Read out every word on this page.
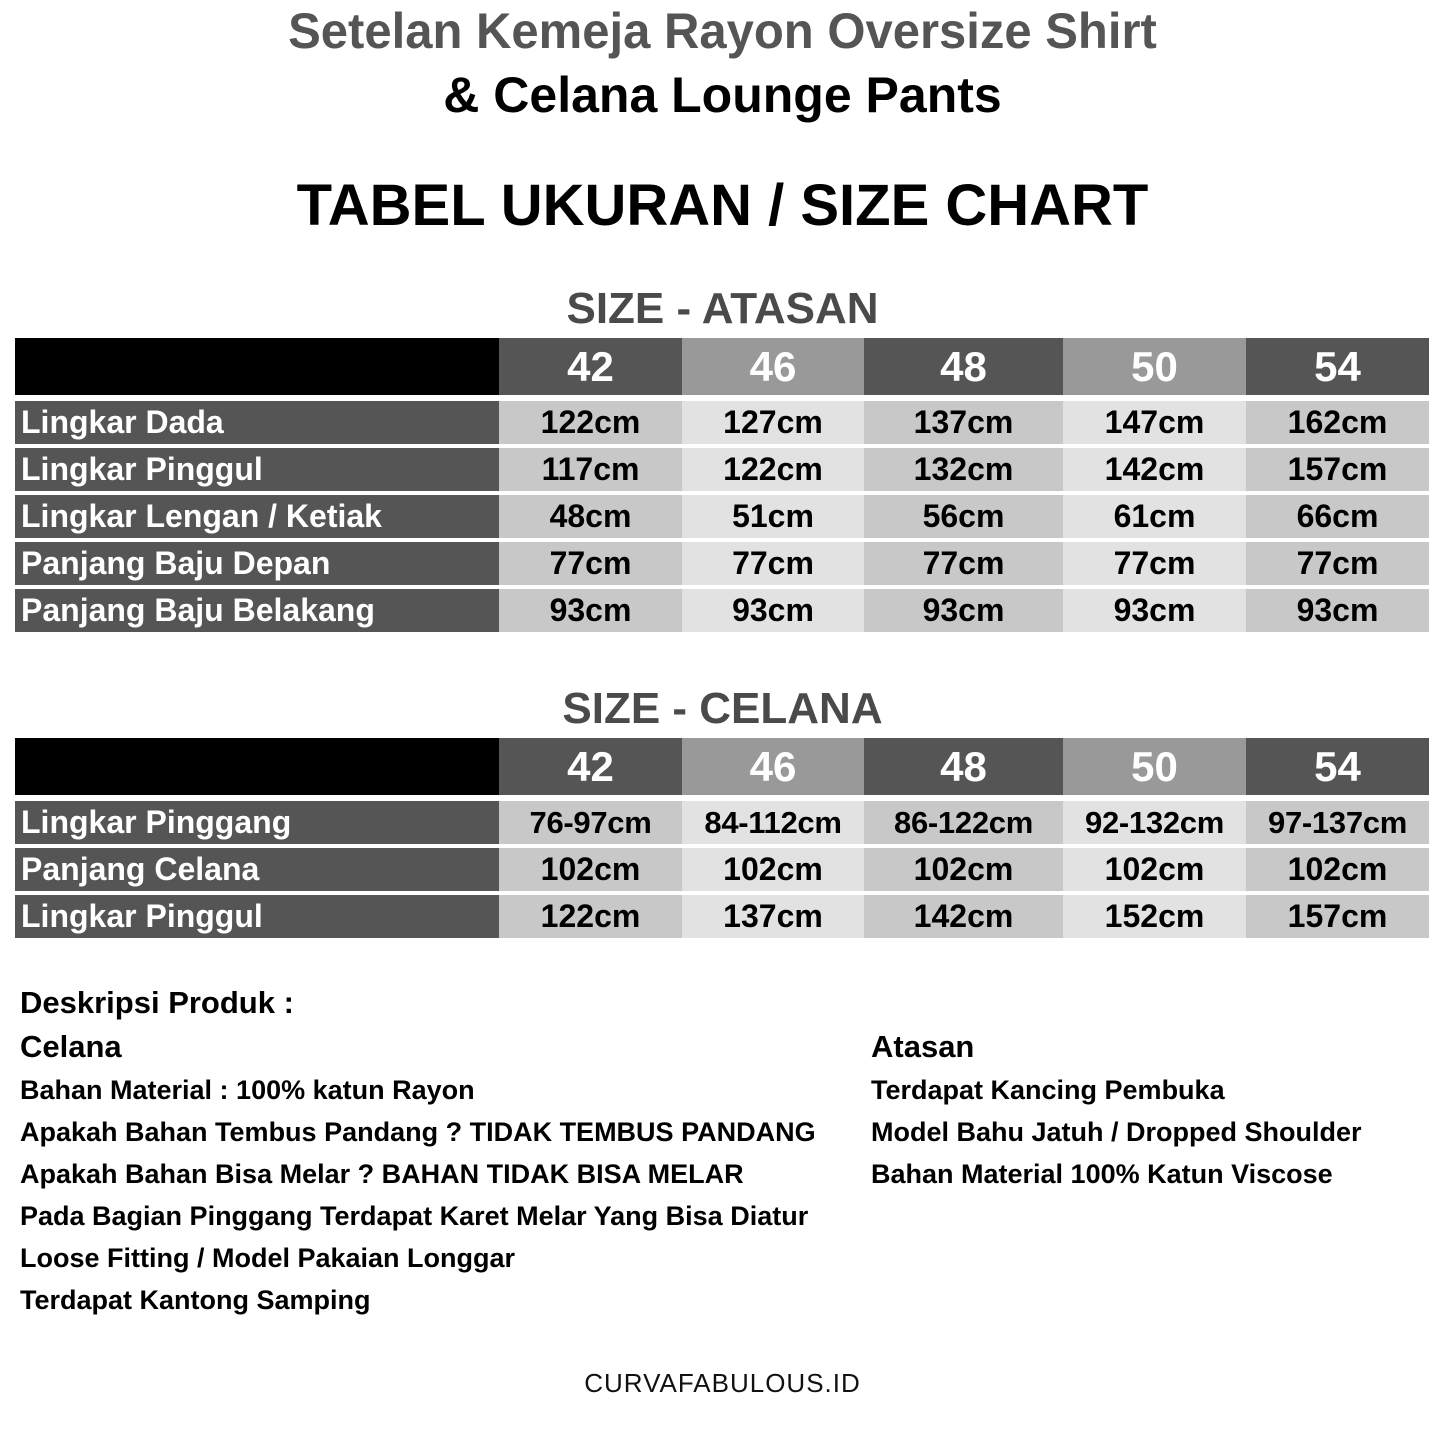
Setelan Kemeja Rayon Oversize Shirt
& Celana Lounge Pants
TABEL UKURAN / SIZE CHART
SIZE - ATASAN
42	46	48	50	54
Lingkar Dada	122cm	127cm	137cm	147cm	162cm
Lingkar Pinggul	117cm	122cm	132cm	142cm	157cm
Lingkar Lengan / Ketiak	48cm	51cm	56cm	61cm	66cm
Panjang Baju Depan	77cm	77cm	77cm	77cm	77cm
Panjang Baju Belakang	93cm	93cm	93cm	93cm	93cm
SIZE - CELANA
42	46	48	50	54
Lingkar Pinggang	76-97cm	84-112cm	86-122cm	92-132cm	97-137cm
Panjang Celana	102cm	102cm	102cm	102cm	102cm
Lingkar Pinggul	122cm	137cm	142cm	152cm	157cm
Deskripsi Produk :
Celana
Bahan Material : 100% katun Rayon
Apakah Bahan Tembus Pandang ? TIDAK TEMBUS PANDANG
Apakah Bahan Bisa Melar ? BAHAN TIDAK BISA MELAR
Pada Bagian Pinggang Terdapat Karet Melar Yang Bisa Diatur
Loose Fitting / Model Pakaian Longgar
Terdapat Kantong Samping
Atasan
Terdapat Kancing Pembuka
Model Bahu Jatuh / Dropped Shoulder
Bahan Material 100% Katun Viscose
CURVAFABULOUS.ID
